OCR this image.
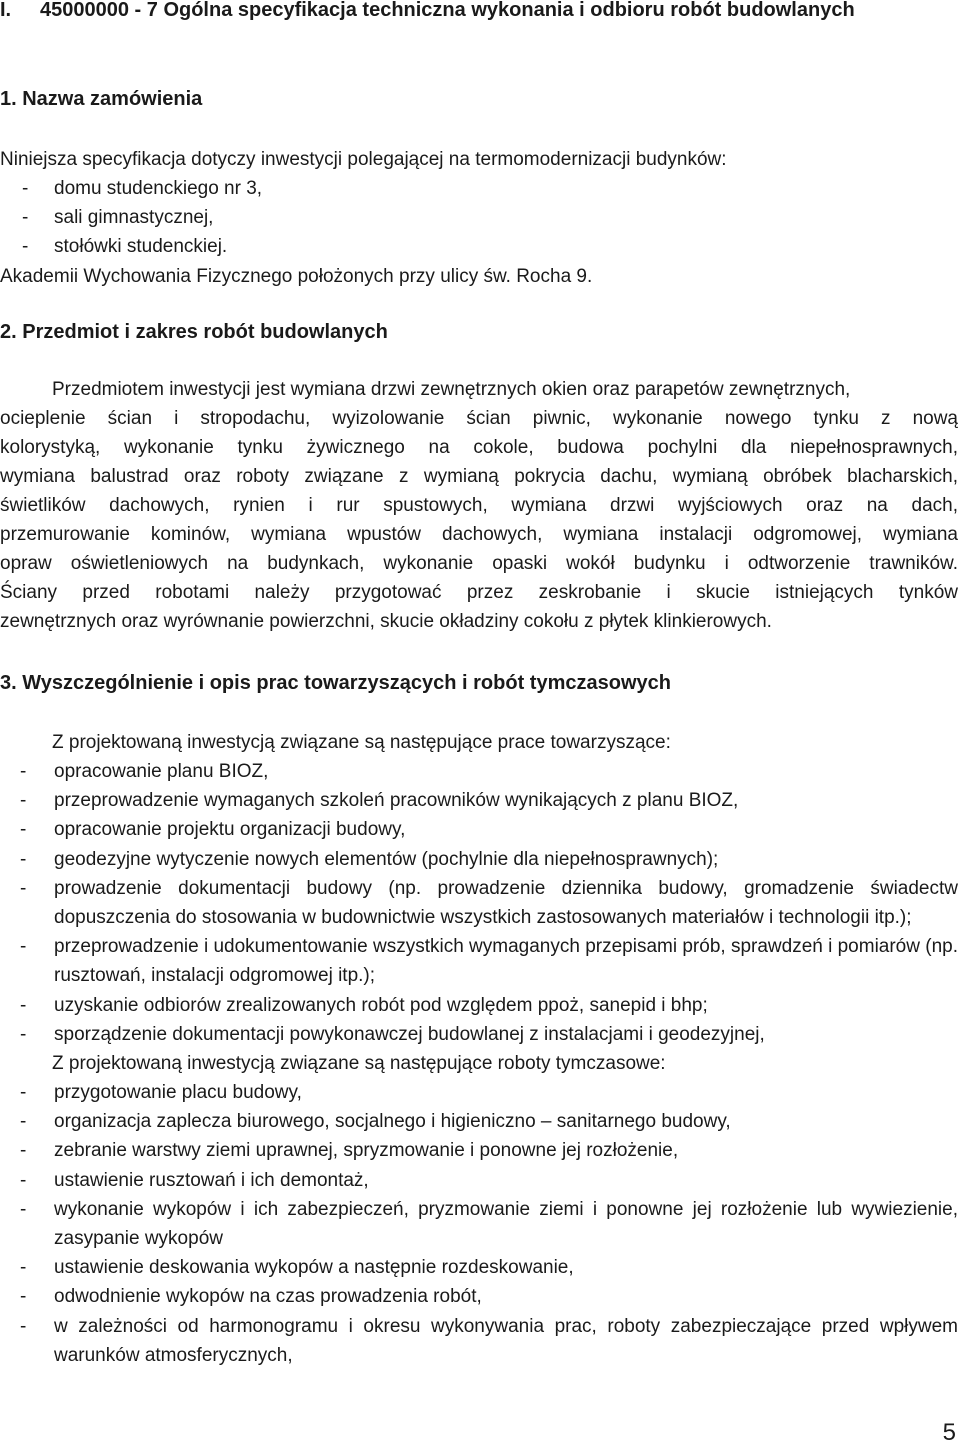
I.	45000000 - 7 Ogólna specyfikacja techniczna wykonania i odbioru robót budowlanych
1. Nazwa zamówienia
Niniejsza specyfikacja dotyczy inwestycji polegającej na termomodernizacji budynków:
- domu studenckiego nr 3,
- sali gimnastycznej,
- stołówki studenckiej.
Akademii Wychowania Fizycznego położonych przy ulicy św. Rocha 9.
2. Przedmiot i zakres robót budowlanych
Przedmiotem inwestycji jest wymiana drzwi zewnętrznych okien oraz parapetów zewnętrznych,
ocieplenie ścian i stropodachu, wyizolowanie ścian piwnic, wykonanie nowego tynku z nową
kolorystyką, wykonanie tynku żywicznego na cokole, budowa pochylni dla niepełnosprawnych,
wymiana balustrad oraz roboty związane z wymianą pokrycia dachu, wymianą obróbek blacharskich,
świetlików dachowych, rynien i rur spustowych, wymiana drzwi wyjściowych oraz na dach,
przemurowanie kominów, wymiana wpustów dachowych, wymiana instalacji odgromowej, wymiana
opraw oświetleniowych na budynkach, wykonanie opaski wokół budynku i odtworzenie trawników.
Ściany przed robotami należy przygotować przez zeskrobanie i skucie istniejących tynków
zewnętrznych oraz wyrównanie powierzchni, skucie okładziny cokołu z płytek klinkierowych.
3. Wyszczególnienie i opis prac towarzyszących i robót tymczasowych
Z projektowaną inwestycją związane są następujące prace towarzyszące:
- opracowanie planu BIOZ,
- przeprowadzenie wymaganych szkoleń pracowników wynikających z planu BIOZ,
- opracowanie projektu organizacji budowy,
- geodezyjne wytyczenie nowych elementów (pochylnie dla niepełnosprawnych);
- prowadzenie dokumentacji budowy (np. prowadzenie dziennika budowy, gromadzenie świadectw dopuszczenia do stosowania w budownictwie wszystkich zastosowanych materiałów i technologii itp.);
- przeprowadzenie i udokumentowanie wszystkich wymaganych przepisami prób, sprawdzeń i pomiarów (np. rusztowań, instalacji odgromowej itp.);
- uzyskanie odbiorów zrealizowanych robót pod względem ppoż, sanepid i bhp;
- sporządzenie dokumentacji powykonawczej budowlanej z instalacjami i geodezyjnej,
Z projektowaną inwestycją związane są następujące roboty tymczasowe:
- przygotowanie placu budowy,
- organizacja zaplecza biurowego, socjalnego i higieniczno – sanitarnego budowy,
- zebranie warstwy ziemi uprawnej, spryzmowanie i ponowne jej rozłożenie,
- ustawienie rusztowań i ich demontaż,
- wykonanie wykopów i ich zabezpieczeń, pryzmowanie ziemi i ponowne jej rozłożenie lub wywiezienie, zasypanie wykopów
- ustawienie deskowania wykopów a następnie rozdeskowanie,
- odwodnienie wykopów na czas prowadzenia robót,
- w zależności od harmonogramu i okresu wykonywania prac, roboty zabezpieczające przed wpływem warunków atmosferycznych,
5
